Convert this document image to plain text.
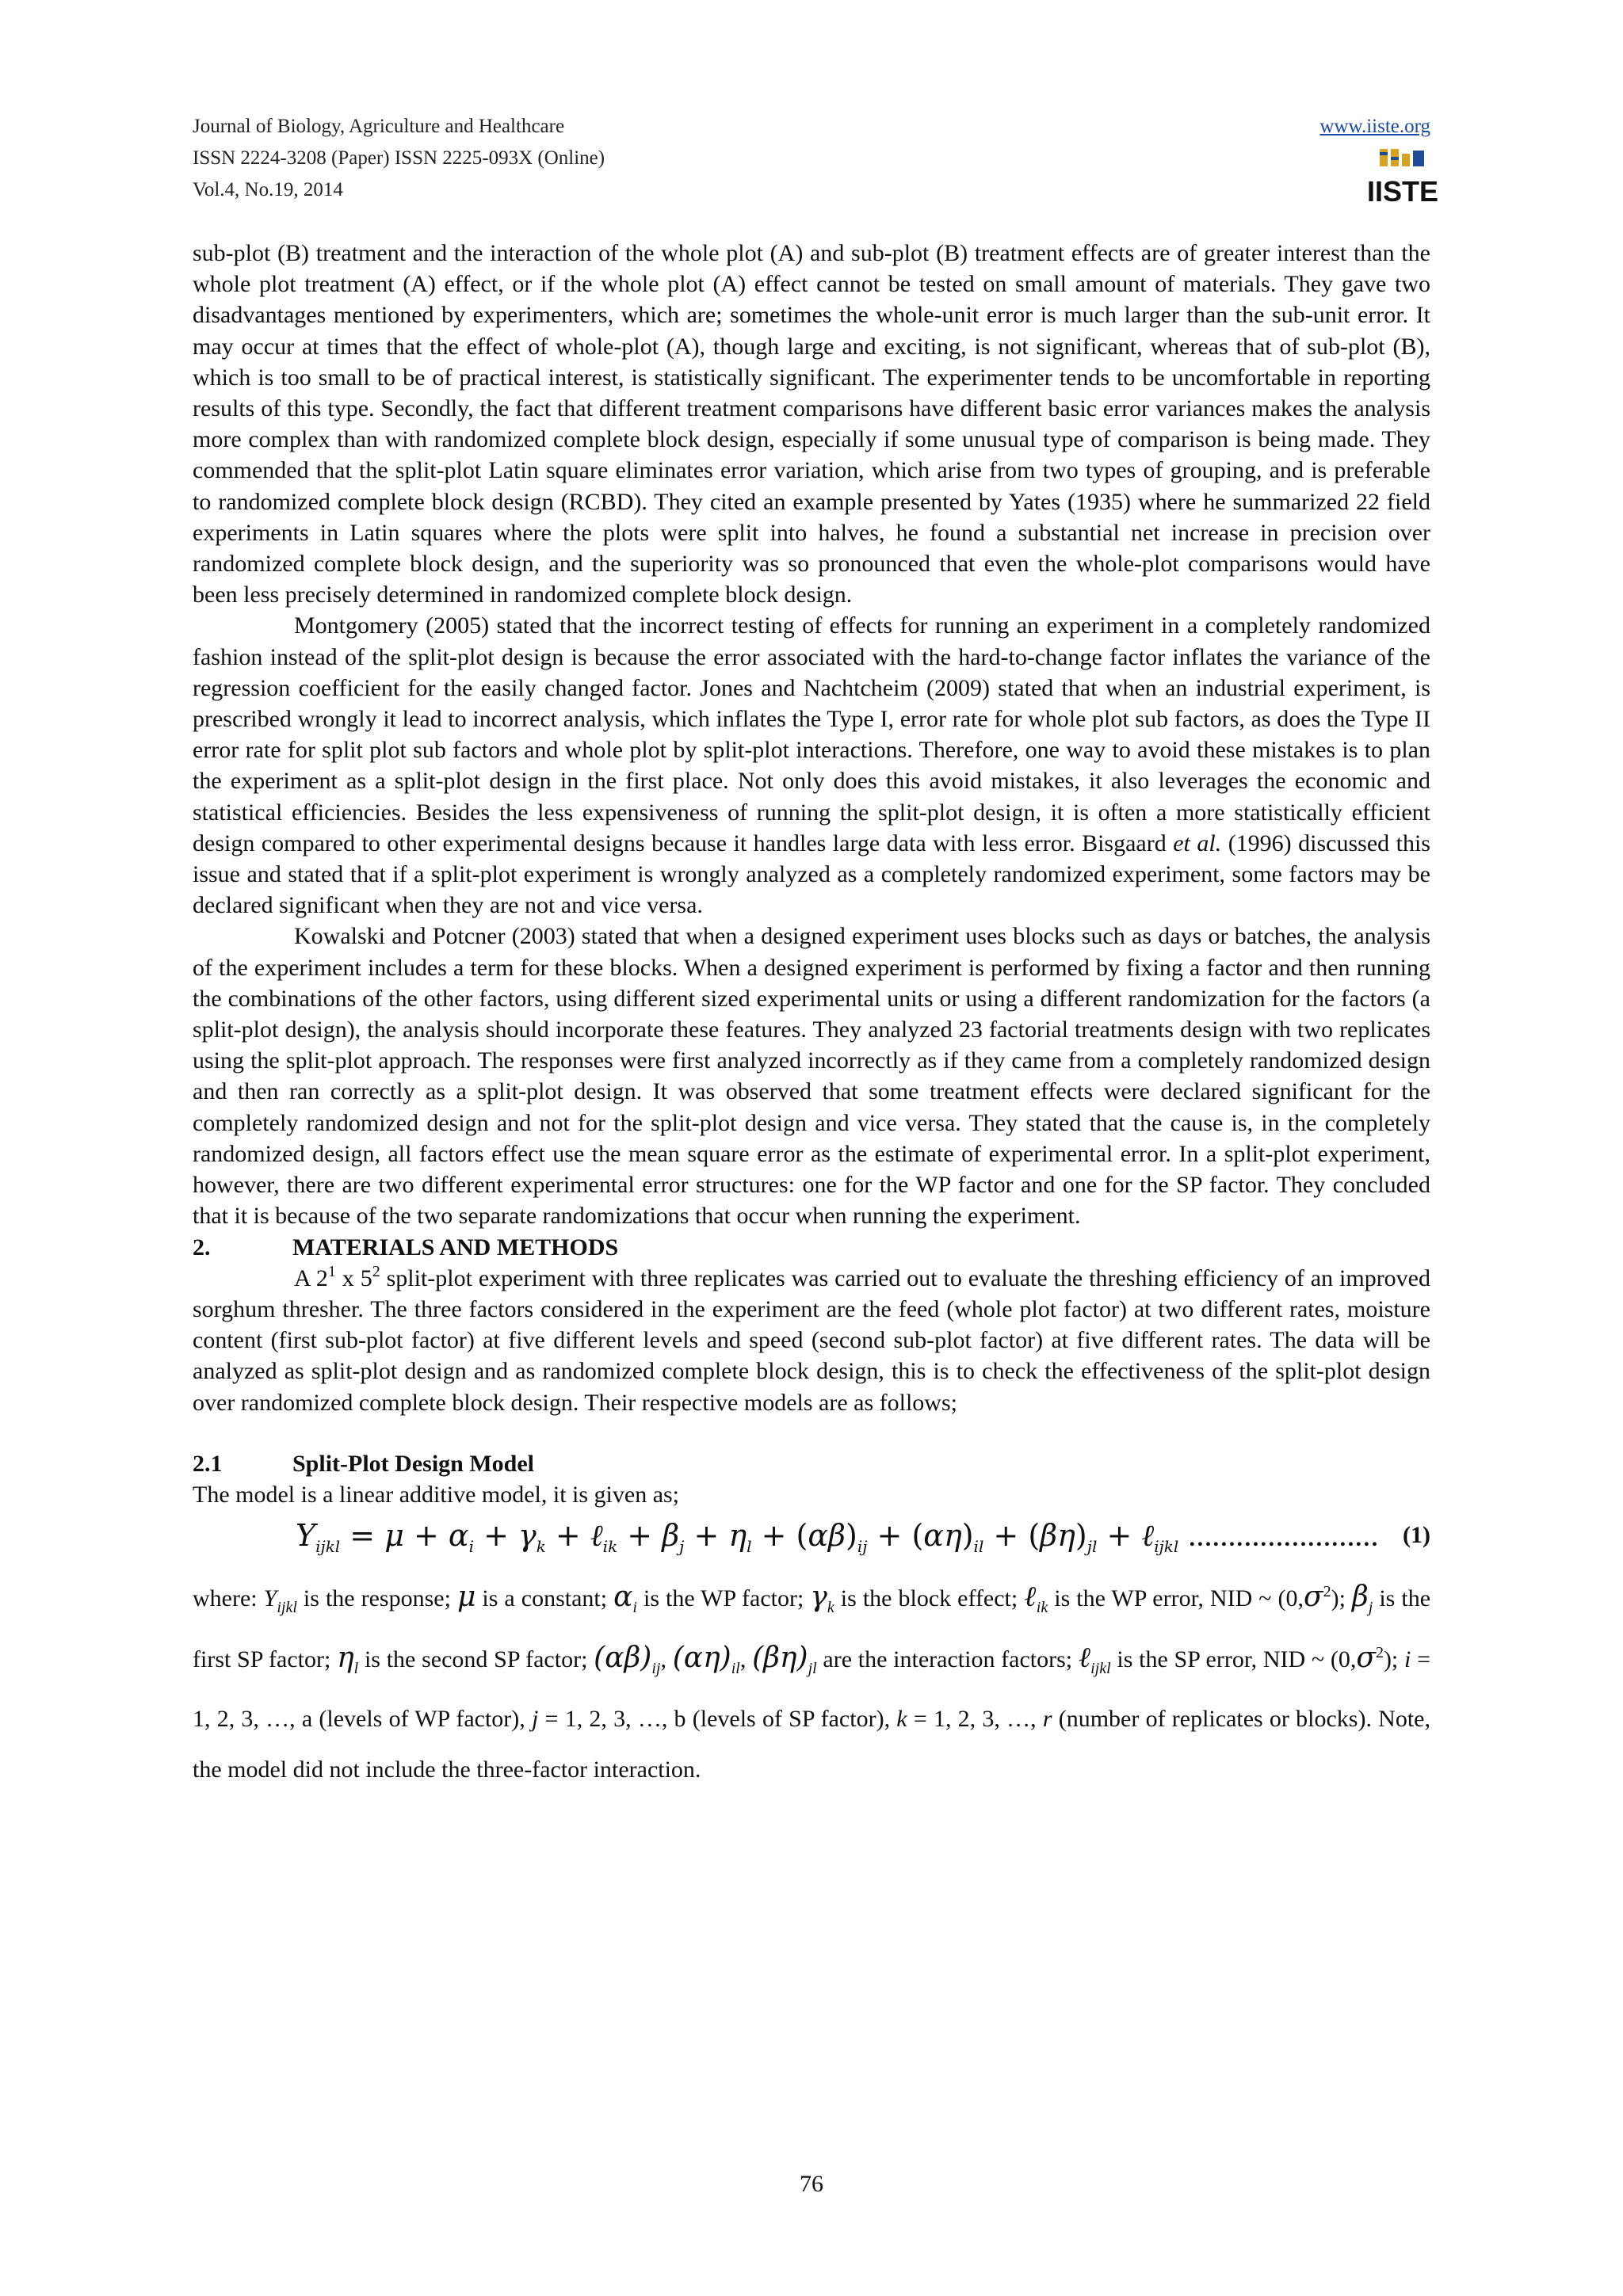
Journal of Biology, Agriculture and Healthcare
ISSN 2224-3208 (Paper) ISSN 2225-093X (Online)
Vol.4, No.19, 2014
www.iiste.org
IISTE

sub-plot (B) treatment and the interaction of the whole plot (A) and sub-plot (B) treatment effects are of greater interest than the whole plot treatment (A) effect, or if the whole plot (A) effect cannot be tested on small amount of materials. They gave two disadvantages mentioned by experimenters, which are; sometimes the whole-unit error is much larger than the sub-unit error. It may occur at times that the effect of whole-plot (A), though large and exciting, is not significant, whereas that of sub-plot (B), which is too small to be of practical interest, is statistically significant. The experimenter tends to be uncomfortable in reporting results of this type. Secondly, the fact that different treatment comparisons have different basic error variances makes the analysis more complex than with randomized complete block design, especially if some unusual type of comparison is being made. They commended that the split-plot Latin square eliminates error variation, which arise from two types of grouping, and is preferable to randomized complete block design (RCBD). They cited an example presented by Yates (1935) where he summarized 22 field experiments in Latin squares where the plots were split into halves, he found a substantial net increase in precision over randomized complete block design, and the superiority was so pronounced that even the whole-plot comparisons would have been less precisely determined in randomized complete block design.

Montgomery (2005) stated that the incorrect testing of effects for running an experiment in a completely randomized fashion instead of the split-plot design is because the error associated with the hard-to-change factor inflates the variance of the regression coefficient for the easily changed factor. Jones and Nachtcheim (2009) stated that when an industrial experiment, is prescribed wrongly it lead to incorrect analysis, which inflates the Type I, error rate for whole plot sub factors, as does the Type II error rate for split plot sub factors and whole plot by split-plot interactions. Therefore, one way to avoid these mistakes is to plan the experiment as a split-plot design in the first place. Not only does this avoid mistakes, it also leverages the economic and statistical efficiencies. Besides the less expensiveness of running the split-plot design, it is often a more statistically efficient design compared to other experimental designs because it handles large data with less error. Bisgaard et al. (1996) discussed this issue and stated that if a split-plot experiment is wrongly analyzed as a completely randomized experiment, some factors may be declared significant when they are not and vice versa.

Kowalski and Potcner (2003) stated that when a designed experiment uses blocks such as days or batches, the analysis of the experiment includes a term for these blocks. When a designed experiment is performed by fixing a factor and then running the combinations of the other factors, using different sized experimental units or using a different randomization for the factors (a split-plot design), the analysis should incorporate these features. They analyzed 23 factorial treatments design with two replicates using the split-plot approach. The responses were first analyzed incorrectly as if they came from a completely randomized design and then ran correctly as a split-plot design. It was observed that some treatment effects were declared significant for the completely randomized design and not for the split-plot design and vice versa. They stated that the cause is, in the completely randomized design, all factors effect use the mean square error as the estimate of experimental error. In a split-plot experiment, however, there are two different experimental error structures: one for the WP factor and one for the SP factor. They concluded that it is because of the two separate randomizations that occur when running the experiment.

2.	MATERIALS AND METHODS

A $2^1$ x $5^2$ split-plot experiment with three replicates was carried out to evaluate the threshing efficiency of an improved sorghum thresher. The three factors considered in the experiment are the feed (whole plot factor) at two different rates, moisture content (first sub-plot factor) at five different levels and speed (second sub-plot factor) at five different rates. The data will be analyzed as split-plot design and as randomized complete block design, this is to check the effectiveness of the split-plot design over randomized complete block design. Their respective models are as follows;

2.1	Split-Plot Design Model

The model is a linear additive model, it is given as;

$Y_{ijkl} = \mu + \alpha_i + \gamma_k$ + ℓ$_{ik}$ + $\beta_j + \eta_l + (\alpha\beta)_{ij} + (\alpha\eta)_{il} + (\beta\eta)_{jl}$ + ℓ$_{ijkl}$ …………………… (1)

where: $Y_{ijkl}$ is the response; μ is a constant; $\alpha_i$ is the WP factor; $\gamma_k$ is the block effect; ℓ$_{ik}$ is the WP error, NID ~ $(0,\sigma^2)$; $\beta_j$ is the first SP factor; $\eta_l$ is the second SP factor; $(\alpha\beta)_{ij}$, $(\alpha\eta)_{il}$, $(\beta\eta)_{jl}$ are the interaction factors; ℓ$_{ijkl}$ is the SP error, NID ~ $(0,\sigma^2)$; i = 1, 2, 3, …, a (levels of WP factor), j = 1, 2, 3, …, b (levels of SP factor), k = 1, 2, 3, …, r (number of replicates or blocks). Note, the model did not include the three-factor interaction.

76
